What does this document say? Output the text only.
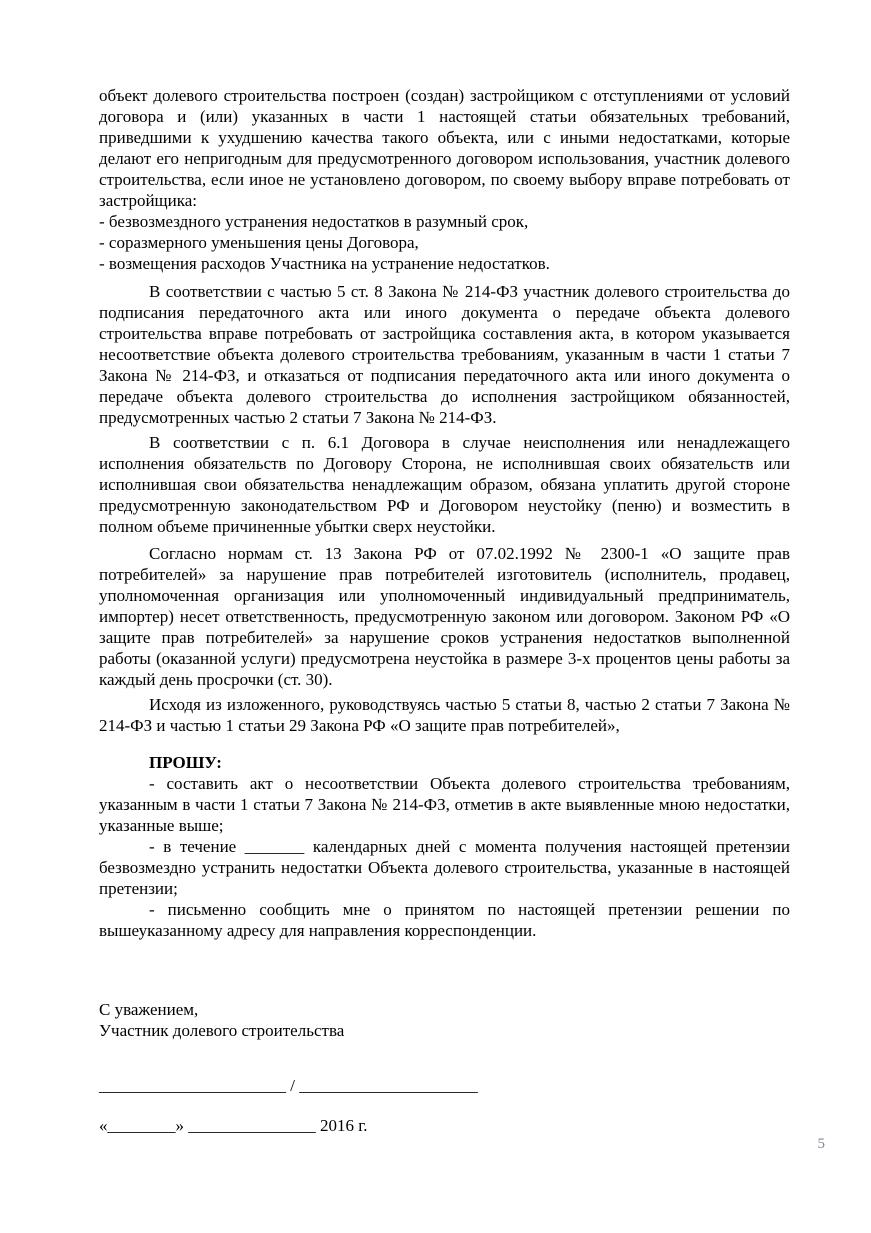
объект долевого строительства построен (создан) застройщиком с отступлениями от условий договора и (или) указанных в части 1 настоящей статьи обязательных требований, приведшими к ухудшению качества такого объекта, или с иными недостатками, которые делают его непригодным для предусмотренного договором использования, участник долевого строительства, если иное не установлено договором, по своему выбору вправе потребовать от застройщика:

- безвозмездного устранения недостатков в разумный срок,

- соразмерного уменьшения цены Договора,

- возмещения расходов Участника на устранение недостатков.

В соответствии с частью 5 ст. 8 Закона № 214-ФЗ участник долевого строительства до подписания передаточного акта или иного документа о передаче объекта долевого строительства вправе потребовать от застройщика составления акта, в котором указывается несоответствие объекта долевого строительства требованиям, указанным в части 1 статьи 7 Закона № 214-ФЗ, и отказаться от подписания передаточного акта или иного документа о передаче объекта долевого строительства до исполнения застройщиком обязанностей, предусмотренных частью 2 статьи 7 Закона № 214-ФЗ.

В соответствии с п. 6.1 Договора в случае неисполнения или ненадлежащего исполнения обязательств по Договору Сторона, не исполнившая своих обязательств или исполнившая свои обязательства ненадлежащим образом, обязана уплатить другой стороне предусмотренную законодательством РФ и Договором неустойку (пеню) и возместить в полном объеме причиненные убытки сверх неустойки.

Согласно нормам ст. 13 Закона РФ от 07.02.1992 № 2300-1 «О защите прав потребителей» за нарушение прав потребителей изготовитель (исполнитель, продавец, уполномоченная организация или уполномоченный индивидуальный предприниматель, импортер) несет ответственность, предусмотренную законом или договором. Законом РФ «О защите прав потребителей» за нарушение сроков устранения недостатков выполненной работы (оказанной услуги) предусмотрена неустойка в размере 3-х процентов цены работы за каждый день просрочки (ст. 30).

Исходя из изложенного, руководствуясь частью 5 статьи 8, частью 2 статьи 7 Закона № 214-ФЗ и частью 1 статьи 29 Закона РФ «О защите прав потребителей»,

ПРОШУ:

- составить акт о несоответствии Объекта долевого строительства требованиям, указанным в части 1 статьи 7 Закона № 214-ФЗ, отметив в акте выявленные мною недостатки, указанные выше;

- в течение _______ календарных дней с момента получения настоящей претензии безвозмездно устранить недостатки Объекта долевого строительства, указанные в настоящей претензии;

- письменно сообщить мне о принятом по настоящей претензии решении по вышеуказанному адресу для направления корреспонденции.

С уважением,

Участник долевого строительства

______________________ / _____________________

«________» _______________ 2016 г.

5
